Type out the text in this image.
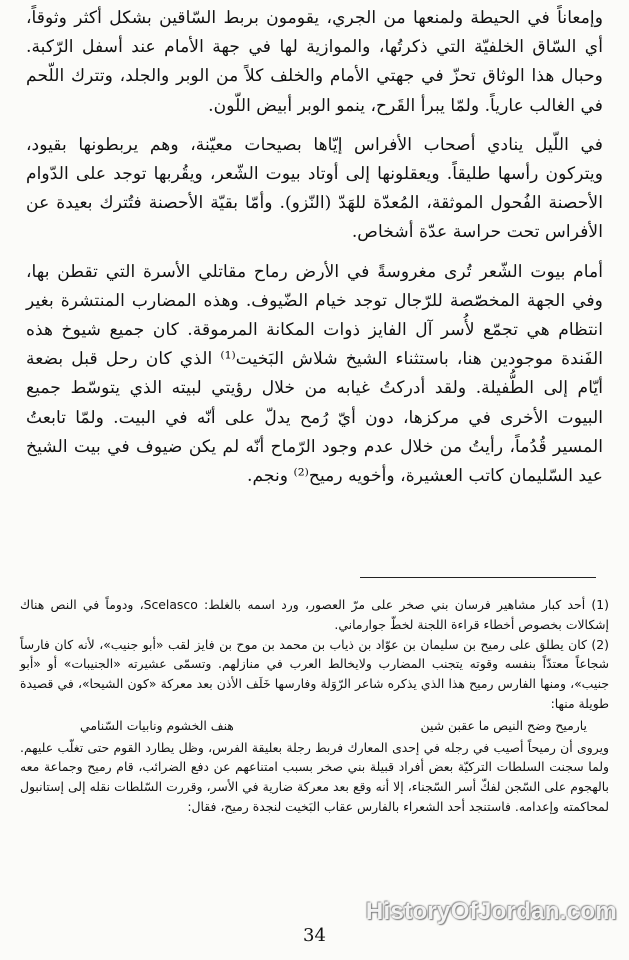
وإمعاناً في الحيطة ولمنعها من الجري، يقومون بربط السّاقين بشكل أكثر وثوقاً، أي السّاق الخلفيّة التي ذكرتُها، والموازية لها في جهة الأمام عند أسفل الرّكبة. وحبال هذا الوثاق تحزّ في جهتي الأمام والخلف كلاً من الوبر والجلد، وتترك اللّحم في الغالب عارياً. ولمّا يبرأ القَرح، ينمو الوبر أبيض اللّون.

في اللّيل ينادي أصحاب الأفراس إيّاها بصيحات معيّنة، وهم يربطونها بقيود، ويتركون رأسها طليقاً. ويعقلونها إلى أوتاد بيوت الشّعر، ويقُربها توجد على الدّوام الأحصنة الفُحول الموثقة، المُعدّة للهَدّ (النّزو). وأمّا بقيّة الأحصنة فتُترك بعيدة عن الأفراس تحت حراسة عدّة أشخاص.

أمام بيوت الشّعر تُرى مغروسةً في الأرض رماح مقاتلي الأسرة التي تقطن بها، وفي الجهة المخصّصة للرّجال توجد خيام الضّيوف. وهذه المضارب المنتشرة بغير انتظام هي تجمّع لأُسر آل الفايز ذوات المكانة المرموقة. كان جميع شيوخ هذه الفَندة موجودين هنا، باستثناء الشيخ شلاش البَخيت⁽¹⁾ الذي كان رحل قبل بضعة أيّام إلى الطُّفيلة. ولقد أدركتُ غيابه من خلال رؤيتي لبيته الذي يتوسّط جميع البيوت الأخرى في مركزها، دون أيّ رُمح يدلّ على أنّه في البيت. ولمّا تابعتُ المسير قُدُماً، رأيتُ من خلال عدم وجود الرّماح أنّه لم يكن ضيوف في بيت الشيخ عيد السّليمان كاتب العشيرة، وأخويه رميح⁽²⁾ ونجم.

(1) أحد كبار مشاهير فرسان بني صخر على مرّ العصور، ورد اسمه بالغلط: Scelasco، ودوماً في النص هناك إشكالات بخصوص أخطاء قراءة اللجنة لخطّ جوارماني.

(2) كان يطلق على رميح بن سليمان بن عوّاد بن ذياب بن محمد بن موح بن فايز لقب «أبو جنيب»، لأنه كان فارساً شجاعاً معتدّاً بنفسه وقوته يتجنب المضارب ولايخالط العرب في منازلهم. وتسمّى عشيرته «الجنيبات» أو «أبو جنيب»، ومنها الفارس رميح هذا الذي يذكره شاعر الرّوَلة وفارسها خَلَف الأذن بعد معركة «كون الشيحا»، في قصيدة طويلة منها:

يارميح وضح النيص ما عقبن شين
هنف الخشوم ونابيات السّنامي

ويروى أن رميحاً أصيب في رجله في إحدى المعارك فربط رجلة بعليقة الفرس، وظل يطارد القوم حتى تغلّب عليهم. ولما سجنت السلطات التركيّة بعض أفراد قبيلة بني صخر بسبب امتناعهم عن دفع الضرائب، قام رميح وجماعة معه بالهجوم على السّجن لفكّ أسر السّجناء، إلا أنه وقع بعد معركة ضارية في الأسر، وقررت السّلطات نقله إلى إستانبول لمحاكمته وإعدامه. فاستنجد أحد الشعراء بالفارس عقاب البَخيت لنجدة رميح، فقال:

HistoryOfJordan.com
34
